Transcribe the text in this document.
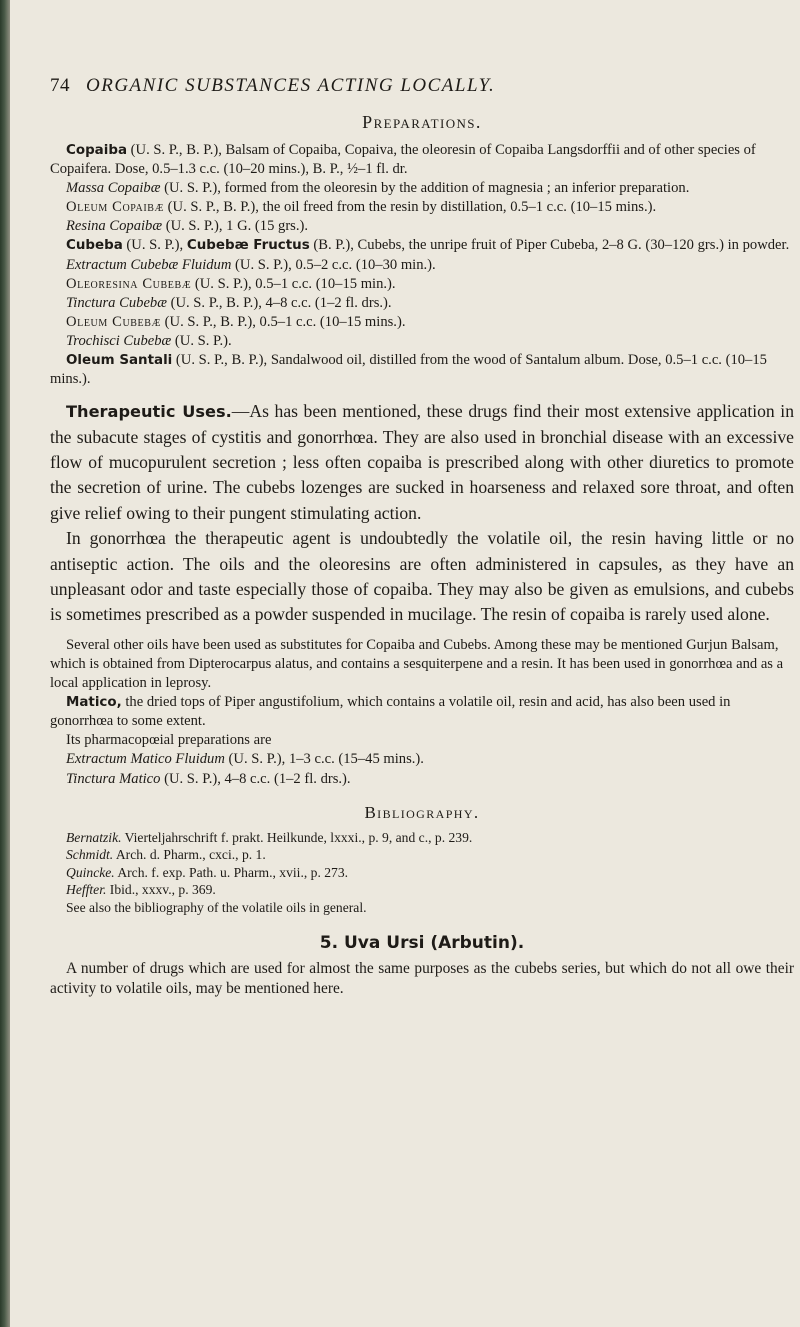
74 ORGANIC SUBSTANCES ACTING LOCALLY.
Preparations.

Copaiba (U. S. P., B. P.), Balsam of Copaiba, Copaiva, the oleoresin of Copaiba Langsdorffii and of other species of Copaifera. Dose, 0.5–1.3 c.c. (10–20 mins.), B. P., ½–1 fl. dr.

Massa Copaibæ (U. S. P.), formed from the oleoresin by the addition of magnesia ; an inferior preparation.

Oleum Copaibæ (U. S. P., B. P.), the oil freed from the resin by distillation, 0.5–1 c.c. (10–15 mins.).

Resina Copaibæ (U. S. P.), 1 G. (15 grs.).

Cubeba (U. S. P.), Cubebæ Fructus (B. P.), Cubebs, the unripe fruit of Piper Cubeba, 2–8 G. (30–120 grs.) in powder.

Extractum Cubebæ Fluidum (U. S. P.), 0.5–2 c.c. (10–30 min.).

Oleoresina Cubebæ (U. S. P.), 0.5–1 c.c. (10–15 min.).

Tinctura Cubebæ (U. S. P., B. P.), 4–8 c.c. (1–2 fl. drs.).

Oleum Cubebæ (U. S. P., B. P.), 0.5–1 c.c. (10–15 mins.).

Trochisci Cubebæ (U. S. P.).

Oleum Santali (U. S. P., B. P.), Sandalwood oil, distilled from the wood of Santalum album. Dose, 0.5–1 c.c. (10–15 mins.).

Therapeutic Uses.—As has been mentioned, these drugs find their most extensive application in the subacute stages of cystitis and gonorrhœa. They are also used in bronchial disease with an excessive flow of mucopurulent secretion ; less often copaiba is prescribed along with other diuretics to promote the secretion of urine. The cubebs lozenges are sucked in hoarseness and relaxed sore throat, and often give relief owing to their pungent stimulating action.

In gonorrhœa the therapeutic agent is undoubtedly the volatile oil, the resin having little or no antiseptic action. The oils and the oleoresins are often administered in capsules, as they have an unpleasant odor and taste especially those of copaiba. They may also be given as emulsions, and cubebs is sometimes prescribed as a powder suspended in mucilage. The resin of copaiba is rarely used alone.

Several other oils have been used as substitutes for Copaiba and Cubebs. Among these may be mentioned Gurjun Balsam, which is obtained from Dipterocarpus alatus, and contains a sesquiterpene and a resin. It has been used in gonorrhœa and as a local application in leprosy.

Matico, the dried tops of Piper angustifolium, which contains a volatile oil, resin and acid, has also been used in gonorrhœa to some extent.

Its pharmacopœial preparations are

Extractum Matico Fluidum (U. S. P.), 1–3 c.c. (15–45 mins.).

Tinctura Matico (U. S. P.), 4–8 c.c. (1–2 fl. drs.).

Bibliography.

Bernatzik. Vierteljahrschrift f. prakt. Heilkunde, lxxxi., p. 9, and c., p. 239.

Schmidt. Arch. d. Pharm., cxci., p. 1.

Quincke. Arch. f. exp. Path. u. Pharm., xvii., p. 273.

Heffter. Ibid., xxxv., p. 369.

See also the bibliography of the volatile oils in general.

5. Uva Ursi (Arbutin).

A number of drugs which are used for almost the same purposes as the cubebs series, but which do not all owe their activity to volatile oils, may be mentioned here.
